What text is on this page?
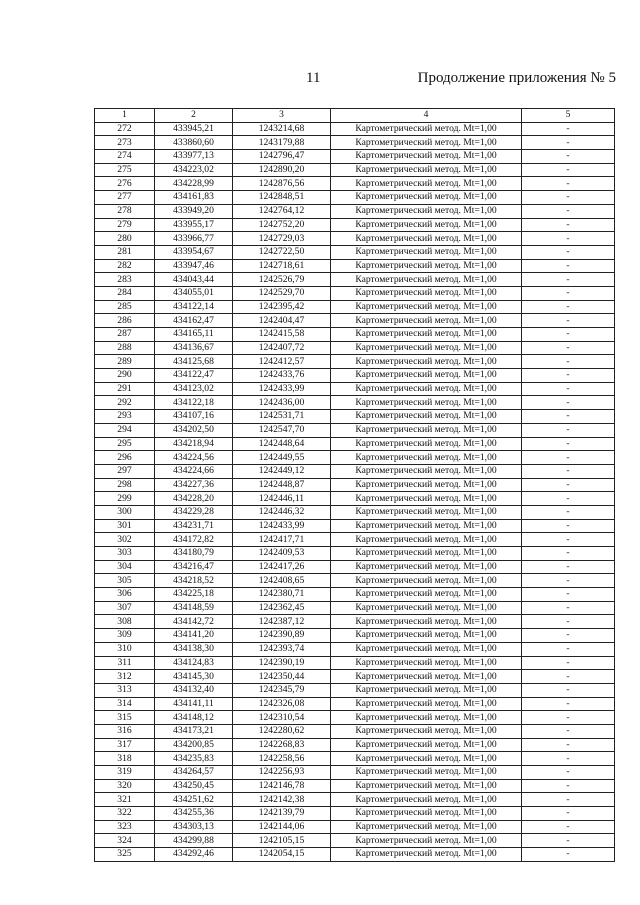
11	Продолжение приложения № 5
1	2	3	4	5
272	433945,21	1243214,68	Картометрический метод. Mt=1,00	-
273	433860,60	1243179,88	Картометрический метод. Mt=1,00	-
274	433977,13	1242796,47	Картометрический метод. Mt=1,00	-
275	434223,02	1242890,20	Картометрический метод. Mt=1,00	-
276	434228,99	1242876,56	Картометрический метод. Mt=1,00	-
277	434161,83	1242848,51	Картометрический метод. Mt=1,00	-
278	433949,20	1242764,12	Картометрический метод. Mt=1,00	-
279	433955,17	1242752,20	Картометрический метод. Mt=1,00	-
280	433966,77	1242729,03	Картометрический метод. Mt=1,00	-
281	433954,67	1242722,50	Картометрический метод. Mt=1,00	-
282	433947,46	1242718,61	Картометрический метод. Mt=1,00	-
283	434043,44	1242526,79	Картометрический метод. Mt=1,00	-
284	434055,01	1242529,70	Картометрический метод. Mt=1,00	-
285	434122,14	1242395,42	Картометрический метод. Mt=1,00	-
286	434162,47	1242404,47	Картометрический метод. Mt=1,00	-
287	434165,11	1242415,58	Картометрический метод. Mt=1,00	-
288	434136,67	1242407,72	Картометрический метод. Mt=1,00	-
289	434125,68	1242412,57	Картометрический метод. Mt=1,00	-
290	434122,47	1242433,76	Картометрический метод. Mt=1,00	-
291	434123,02	1242433,99	Картометрический метод. Mt=1,00	-
292	434122,18	1242436,00	Картометрический метод. Mt=1,00	-
293	434107,16	1242531,71	Картометрический метод. Mt=1,00	-
294	434202,50	1242547,70	Картометрический метод. Mt=1,00	-
295	434218,94	1242448,64	Картометрический метод. Mt=1,00	-
296	434224,56	1242449,55	Картометрический метод. Mt=1,00	-
297	434224,66	1242449,12	Картометрический метод. Mt=1,00	-
298	434227,36	1242448,87	Картометрический метод. Mt=1,00	-
299	434228,20	1242446,11	Картометрический метод. Mt=1,00	-
300	434229,28	1242446,32	Картометрический метод. Mt=1,00	-
301	434231,71	1242433,99	Картометрический метод. Mt=1,00	-
302	434172,82	1242417,71	Картометрический метод. Mt=1,00	-
303	434180,79	1242409,53	Картометрический метод. Mt=1,00	-
304	434216,47	1242417,26	Картометрический метод. Mt=1,00	-
305	434218,52	1242408,65	Картометрический метод. Mt=1,00	-
306	434225,18	1242380,71	Картометрический метод. Mt=1,00	-
307	434148,59	1242362,45	Картометрический метод. Mt=1,00	-
308	434142,72	1242387,12	Картометрический метод. Mt=1,00	-
309	434141,20	1242390,89	Картометрический метод. Mt=1,00	-
310	434138,30	1242393,74	Картометрический метод. Mt=1,00	-
311	434124,83	1242390,19	Картометрический метод. Mt=1,00	-
312	434145,30	1242350,44	Картометрический метод. Mt=1,00	-
313	434132,40	1242345,79	Картометрический метод. Mt=1,00	-
314	434141,11	1242326,08	Картометрический метод. Mt=1,00	-
315	434148,12	1242310,54	Картометрический метод. Mt=1,00	-
316	434173,21	1242280,62	Картометрический метод. Mt=1,00	-
317	434200,85	1242268,83	Картометрический метод. Mt=1,00	-
318	434235,83	1242258,56	Картометрический метод. Mt=1,00	-
319	434264,57	1242256,93	Картометрический метод. Mt=1,00	-
320	434250,45	1242146,78	Картометрический метод. Mt=1,00	-
321	434251,62	1242142,38	Картометрический метод. Mt=1,00	-
322	434255,36	1242139,79	Картометрический метод. Mt=1,00	-
323	434303,13	1242144,06	Картометрический метод. Mt=1,00	-
324	434299,88	1242105,15	Картометрический метод. Mt=1,00	-
325	434292,46	1242054,15	Картометрический метод. Mt=1,00	-
